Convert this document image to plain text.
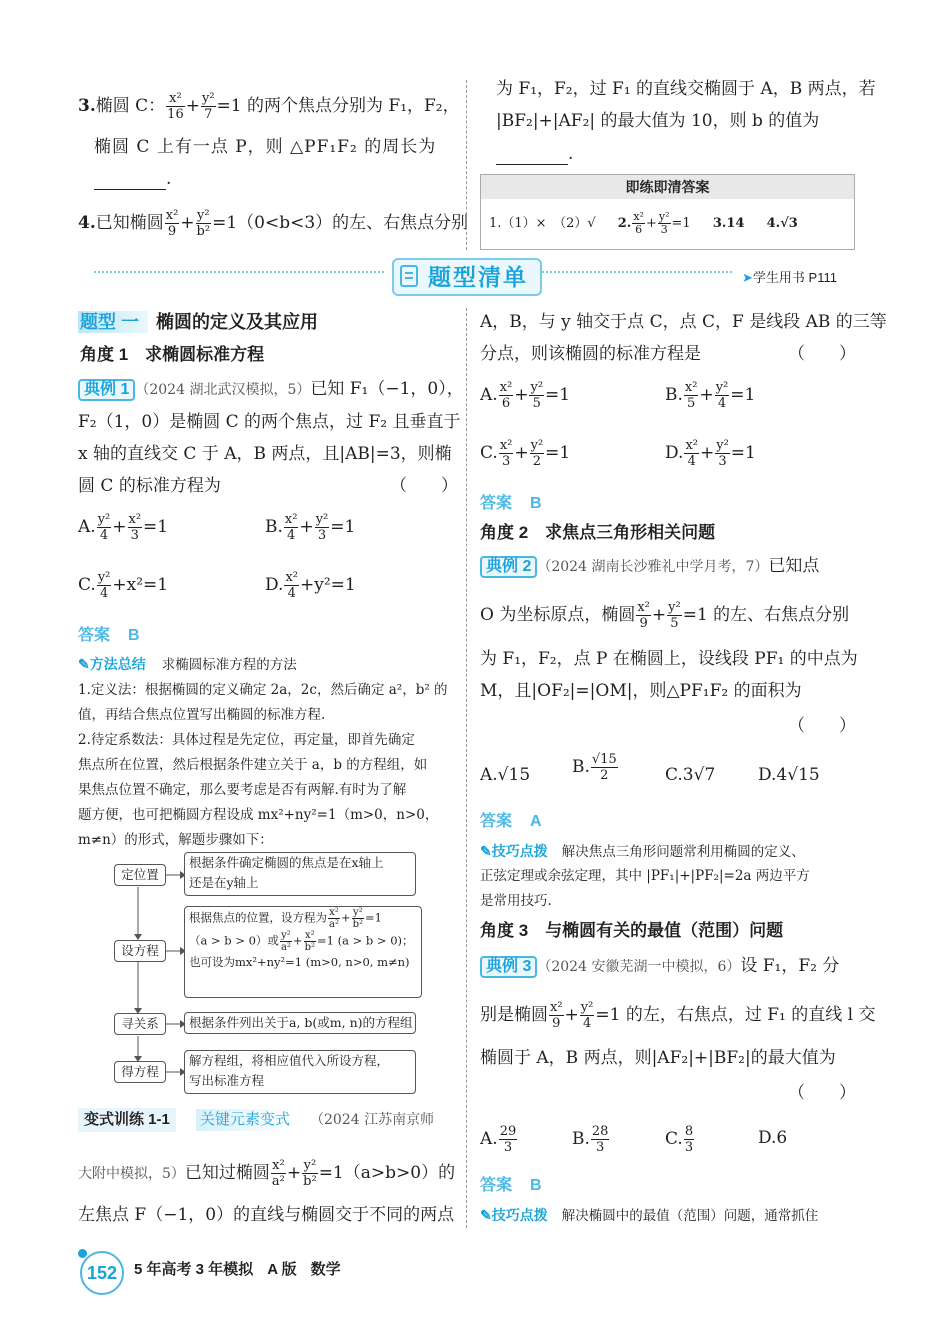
3.椭圆 C： $\frac{\text{x²}}{16} + \frac{\text{y²}}{7} =1$ 的两个焦点分别为 F₁，F₂，
椭圆 C 上有一点 P，则 △PF₁F₂ 的周长为
.
4.已知椭圆 $\frac{\text{x²}}{9} + \frac{\text{y²}}{\text{b²}} =1(0<b<3)$的左、右焦点分别
为 F₁，F₂，过 F₁ 的直线交椭圆于 A，B 两点，若
|BF₂|+|AF₂| 的最大值为 10，则 b 的值为
.
即练即清答案
1.（1）×　（2）√ 2. $\frac{\text{x²}}{6} + \frac{\text{y²}}{3} =1$ 3.14 4.√3
题型清单	➤学生用书 P111
题型 一 椭圆的定义及其应用
角度 1　求椭圆标准方程
典例 1 （2024 湖北武汉模拟，5）已知 F₁（−1，0），
F₂（1，0）是椭圆 C 的两个焦点，过 F₂ 且垂直于
x 轴的直线交 C 于 A，B 两点，且|AB|=3，则椭
圆 C 的标准方程为	（　　）
A. $\frac{\text{y²}}{4} + \frac{\text{x²}}{3} =1$	B. $\frac{\text{x²}}{4} + \frac{\text{y²}}{3} =1$
C. $\frac{\text{y²}}{4} +x^2=1$	D. $\frac{\text{x²}}{4} +y^2=1$
答案 B
✎方法总结 求椭圆标准方程的方法
1.定义法：根据椭圆的定义确定 2a，2c，然后确定 a²，b² 的
值，再结合焦点位置写出椭圆的标准方程.
2.待定系数法：具体过程是先定位，再定量，即首先确定
焦点所在位置，然后根据条件建立关于 a，b 的方程组，如
果焦点位置不确定，那么要考虑是否有两解.有时为了解
题方便，也可把椭圆方程设成 mx²+ny²=1（m>0，n>0，
m≠n）的形式，解题步骤如下：
定位置
设方程
寻关系
得方程
根据条件确定椭圆的焦点是在x轴上
还是在y轴上
根据焦点的位置，设方程为 $\frac{\text{x²}}{\text{a²}} + \frac{\text{y²}}{\text{b²}} =1$
（a > b > 0）或 $\frac{\text{y²}}{\text{a²}} + \frac{\text{x²}}{\text{b²}} =1$ (a > b > 0)；
也可设为mx²+ny²=1 (m>0, n>0, m≠n)
根据条件列出关于a, b(或m, n)的方程组
解方程组，将相应值代入所设方程，
写出标准方程
变式训练 1-1	关键元素变式 （2024 江苏南京师
大附中模拟，5）已知过椭圆 $\frac{\text{x²}}{\text{a²}} + \frac{\text{y²}}{\text{b²}} =1(a>b>0)$的
左焦点 F（−1，0）的直线与椭圆交于不同的两点
A，B，与 y 轴交于点 C，点 C，F 是线段 AB 的三等
分点，则该椭圆的标准方程是	（　　）
A. $\frac{\text{x²}}{6} + \frac{\text{y²}}{5} =1$	B. $\frac{\text{x²}}{5} + \frac{\text{y²}}{4} =1$
C. $\frac{\text{x²}}{3} + \frac{\text{y²}}{2} =1$	D. $\frac{\text{x²}}{4} + \frac{\text{y²}}{3} =1$
答案 B
角度 2　求焦点三角形相关问题
典例 2 （2024 湖南长沙雅礼中学月考，7）已知点
O 为坐标原点，椭圆 $\frac{\text{x²}}{9} + \frac{\text{y²}}{5} =1$ 的左、右焦点分别
为 F₁，F₂，点 P 在椭圆上，设线段 PF₁ 的中点为
M，且|OF₂|=|OM|，则△PF₁F₂ 的面积为
（　　）
A.√15 B. $\frac{√15}{2}$	C.3√7	D.4√15
答案 A
✎技巧点拨 解决焦点三角形问题常利用椭圆的定义、
正弦定理或余弦定理，其中 |PF₁|+|PF₂|=2a 两边平方
是常用技巧.
角度 3　与椭圆有关的最值（范围）问题
典例 3 （2024 安徽芜湖一中模拟，6）设 F₁，F₂ 分
别是椭圆 $\frac{\text{x²}}{9} + \frac{\text{y²}}{4} =1$ 的左，右焦点，过 F₁ 的直线 l 交
椭圆于 A，B 两点，则|AF₂|+|BF₂|的最大值为
（　　）
A. $\frac{29}{3}$	B. $\frac{28}{3}$	C. $\frac{8}{3}$	D.6
答案 B
✎技巧点拨 解决椭圆中的最值（范围）问题，通常抓住
152	5 年高考 3 年模拟 A 版 数学
